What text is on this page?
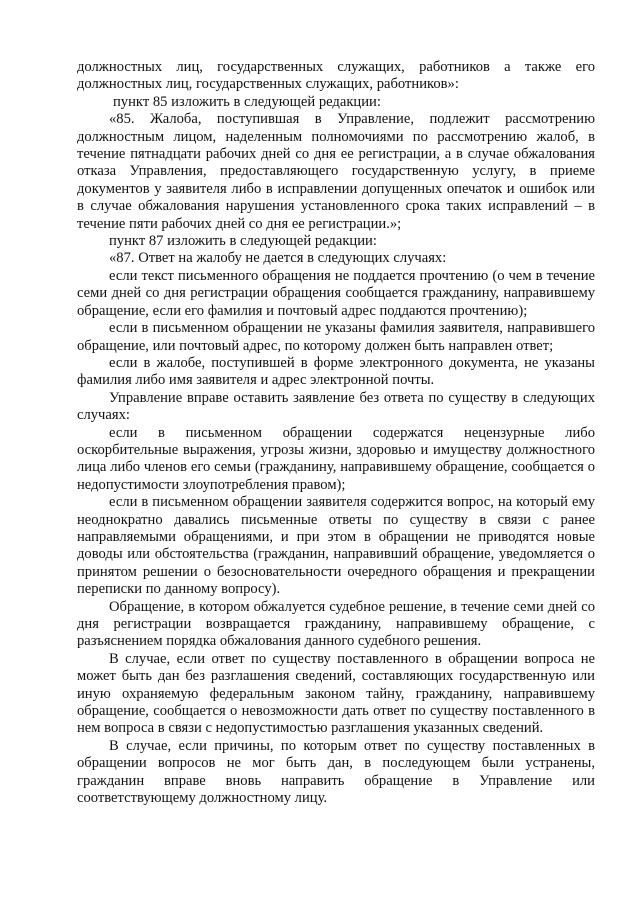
должностных лиц, государственных служащих, работников а также его должностных лиц, государственных служащих, работников»:

пункт 85 изложить в следующей редакции:

«85. Жалоба, поступившая в Управление, подлежит рассмотрению должностным лицом, наделенным полномочиями по рассмотрению жалоб, в течение пятнадцати рабочих дней со дня ее регистрации, а в случае обжалования отказа Управления, предоставляющего государственную услугу, в приеме документов у заявителя либо в исправлении допущенных опечаток и ошибок или в случае обжалования нарушения установленного срока таких исправлений – в течение пяти рабочих дней со дня ее регистрации.»;

пункт 87 изложить в следующей редакции:

«87. Ответ на жалобу не дается в следующих случаях:

если текст письменного обращения не поддается прочтению (о чем в течение семи дней со дня регистрации обращения сообщается гражданину, направившему обращение, если его фамилия и почтовый адрес поддаются прочтению);

если в письменном обращении не указаны фамилия заявителя, направившего обращение, или почтовый адрес, по которому должен быть направлен ответ;

если в жалобе, поступившей в форме электронного документа, не указаны фамилия либо имя заявителя и адрес электронной почты.

Управление вправе оставить заявление без ответа по существу в следующих случаях:

если в письменном обращении содержатся нецензурные либо оскорбительные выражения, угрозы жизни, здоровью и имуществу должностного лица либо членов его семьи (гражданину, направившему обращение, сообщается о недопустимости злоупотребления правом);

если в письменном обращении заявителя содержится вопрос, на который ему неоднократно давались письменные ответы по существу в связи с ранее направляемыми обращениями, и при этом в обращении не приводятся новые доводы или обстоятельства (гражданин, направивший обращение, уведомляется о принятом решении о безосновательности очередного обращения и прекращении переписки по данному вопросу).

Обращение, в котором обжалуется судебное решение, в течение семи дней со дня регистрации возвращается гражданину, направившему обращение, с разъяснением порядка обжалования данного судебного решения.

В случае, если ответ по существу поставленного в обращении вопроса не может быть дан без разглашения сведений, составляющих государственную или иную охраняемую федеральным законом тайну, гражданину, направившему обращение, сообщается о невозможности дать ответ по существу поставленного в нем вопроса в связи с недопустимостью разглашения указанных сведений.

В случае, если причины, по которым ответ по существу поставленных в обращении вопросов не мог быть дан, в последующем были устранены, гражданин вправе вновь направить обращение в Управление или соответствующему должностному лицу.
